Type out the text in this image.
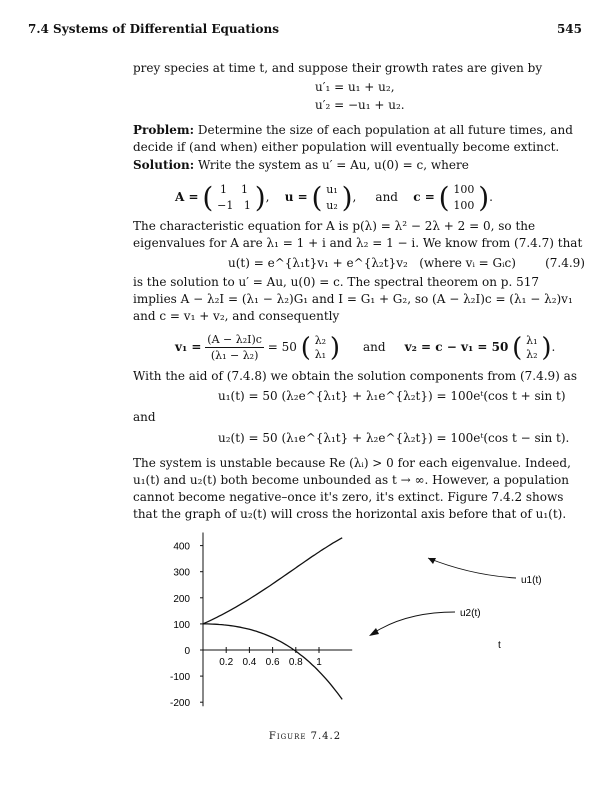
7.4 Systems of Differential Equations	545
prey species at time t, and suppose their growth rates are given by
u′₁ = u₁ + u₂,
u′₂ = −u₁ + u₂.
Problem: Determine the size of each population at all future times, and decide if (and when) either population will eventually become extinct.
Solution: Write the system as u′ = Au, u(0) = c, where
A = ( 1    1
−1   1 ),    u = ( u₁
u₂ ),     and c = ( 100
100 ).
The characteristic equation for A is p(λ) = λ² − 2λ + 2 = 0, so the eigenvalues for A are λ₁ = 1 + i and λ₂ = 1 − i. We know from (7.4.7) that
u(t) = e^{λ₁t}v₁ + e^{λ₂t}v₂   (where vᵢ = Gᵢc) (7.4.9)
is the solution to u′ = Au, u(0) = c. The spectral theorem on p. 517 implies A − λ₂I = (λ₁ − λ₂)G₁ and I = G₁ + G₂, so (A − λ₂I)c = (λ₁ − λ₂)v₁ and c = v₁ + v₂, and consequently
$v_1 = \frac{\text{(A − λ₂I)c}}{\text{(λ₁ − λ₂)}} = 50$ ( λ₂
λ₁ ) and v₂ = c − v₁ = 50 ( λ₁
λ₂ ).
With the aid of (7.4.8) we obtain the solution components from (7.4.9) as
u₁(t) = 50 (λ₂e^{λ₁t} + λ₁e^{λ₂t}) = 100eᵗ(cos t + sin t)
and
u₂(t) = 50 (λ₁e^{λ₁t} + λ₂e^{λ₂t}) = 100eᵗ(cos t − sin t).
The system is unstable because Re (λᵢ) > 0 for each eigenvalue. Indeed, u₁(t) and u₂(t) both become unbounded as t → ∞. However, a population cannot become negative–once it's zero, it's extinct. Figure 7.4.2 shows that the graph of u₂(t) will cross the horizontal axis before that of u₁(t).
400
300
200
100
0
-100
-200
0.2 0.4 0.6 0.8 1
u1(t)
u2(t)
t
Figure 7.4.2
